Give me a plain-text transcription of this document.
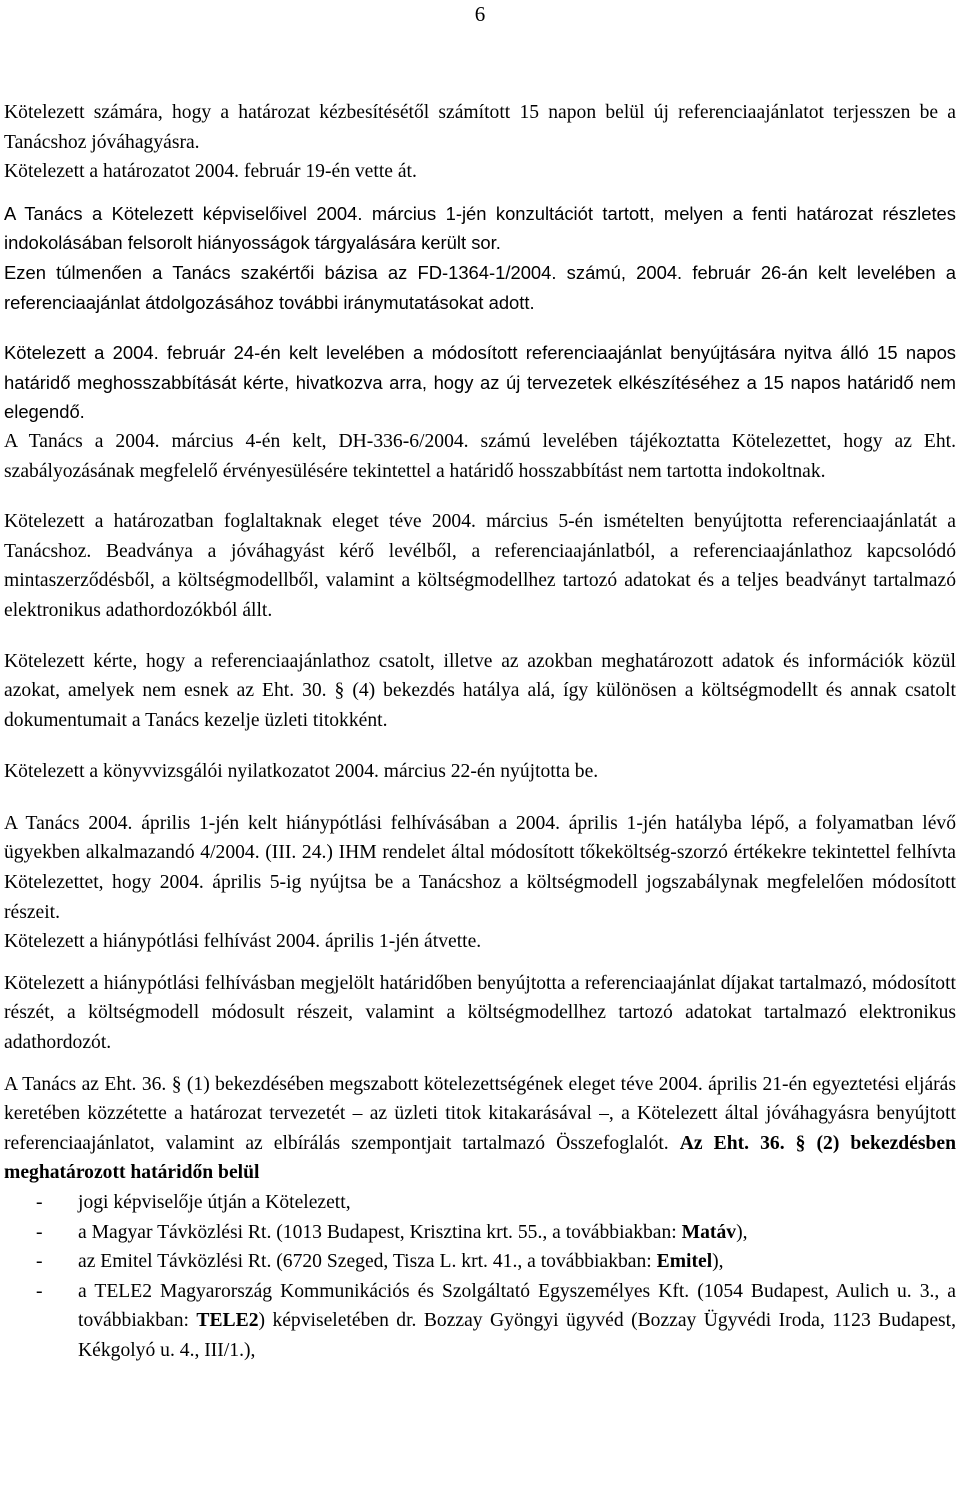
6

Kötelezett számára, hogy a határozat kézbesítésétől számított 15 napon belül új referenciaajánlatot terjesszen be a Tanácshoz jóváhagyásra.

Kötelezett a határozatot 2004. február 19-én vette át.

A Tanács a Kötelezett képviselőivel 2004. március 1-jén konzultációt tartott, melyen a fenti határozat részletes indokolásában felsorolt hiányosságok tárgyalására került sor.

Ezen túlmenően a Tanács szakértői bázisa az FD-1364-1/2004. számú, 2004. február 26-án kelt levelében a referenciaajánlat átdolgozásához további iránymutatásokat adott.

Kötelezett a 2004. február 24-én kelt levelében a módosított referenciaajánlat benyújtására nyitva álló 15 napos határidő meghosszabbítását kérte, hivatkozva arra, hogy az új tervezetek elkészítéséhez a 15 napos határidő nem elegendő.

A Tanács a 2004. március 4-én kelt, DH-336-6/2004. számú levelében tájékoztatta Kötelezettet, hogy az Eht. szabályozásának megfelelő érvényesülésére tekintettel a határidő hosszabbítást nem tartotta indokoltnak.

Kötelezett a határozatban foglaltaknak eleget téve 2004. március 5-én ismételten benyújtotta referenciaajánlatát a Tanácshoz. Beadványa a jóváhagyást kérő levélből, a referenciaajánlatból, a referenciaajánlathoz kapcsolódó mintaszerződésből, a költségmodellből, valamint a költségmodellhez tartozó adatokat és a teljes beadványt tartalmazó elektronikus adathordozókból állt.

Kötelezett kérte, hogy a referenciaajánlathoz csatolt, illetve az azokban meghatározott adatok és információk közül azokat, amelyek nem esnek az Eht. 30. § (4) bekezdés hatálya alá, így különösen a költségmodellt és annak csatolt dokumentumait a Tanács kezelje üzleti titokként.

Kötelezett a könyvvizsgálói nyilatkozatot 2004. március 22-én nyújtotta be.

A Tanács 2004. április 1-jén kelt hiánypótlási felhívásában a 2004. április 1-jén hatályba lépő, a folyamatban lévő ügyekben alkalmazandó 4/2004. (III. 24.) IHM rendelet által módosított tőkeköltség-szorzó értékekre tekintettel felhívta Kötelezettet, hogy 2004. április 5-ig nyújtsa be a Tanácshoz a költségmodell jogszabálynak megfelelően módosított részeit.

Kötelezett a hiánypótlási felhívást 2004. április 1-jén átvette.

Kötelezett a hiánypótlási felhívásban megjelölt határidőben benyújtotta a referenciaajánlat díjakat tartalmazó, módosított részét, a költségmodell módosult részeit, valamint a költségmodellhez tartozó adatokat tartalmazó elektronikus adathordozót.

A Tanács az Eht. 36. § (1) bekezdésében megszabott kötelezettségének eleget téve 2004. április 21-én egyeztetési eljárás keretében közzétette a határozat tervezetét – az üzleti titok kitakarásával –, a Kötelezett által jóváhagyásra benyújtott referenciaajánlatot, valamint az elbírálás szempontjait tartalmazó Összefoglalót. Az Eht. 36. § (2) bekezdésben meghatározott határidőn belül

- jogi képviselője útján a Kötelezett,
- a Magyar Távközlési Rt. (1013 Budapest, Krisztina krt. 55., a továbbiakban: Matáv),
- az Emitel Távközlési Rt. (6720 Szeged, Tisza L. krt. 41., a továbbiakban: Emitel),
- a TELE2 Magyarország Kommunikációs és Szolgáltató Egyszemélyes Kft. (1054 Budapest, Aulich u. 3., a továbbiakban: TELE2) képviseletében dr. Bozzay Gyöngyi ügyvéd (Bozzay Ügyvédi Iroda, 1123 Budapest, Kékgolyó u. 4., III/1.),
